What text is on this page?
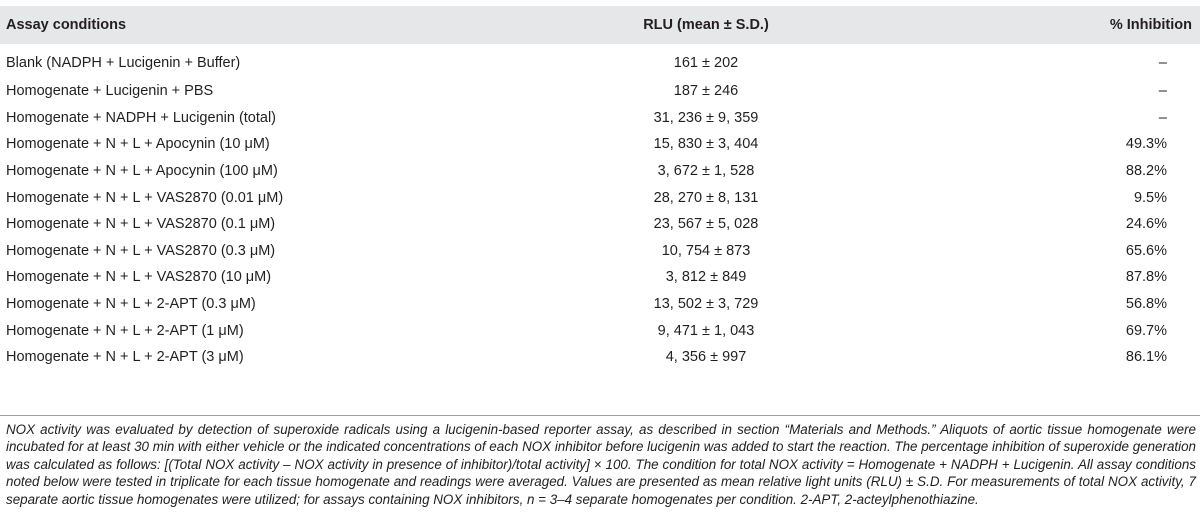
Assay conditions	RLU (mean ± S.D.)	% Inhibition
Blank (NADPH + Lucigenin + Buffer)	161 ± 202	–
Homogenate + Lucigenin + PBS	187 ± 246	–
Homogenate + NADPH + Lucigenin (total)	31, 236 ± 9, 359	–
Homogenate + N + L + Apocynin (10 μM)	15, 830 ± 3, 404	49.3%
Homogenate + N + L + Apocynin (100 μM)	3, 672 ± 1, 528	88.2%
Homogenate + N + L + VAS2870 (0.01 μM)	28, 270 ± 8, 131	9.5%
Homogenate + N + L + VAS2870 (0.1 μM)	23, 567 ± 5, 028	24.6%
Homogenate + N + L + VAS2870 (0.3 μM)	10, 754 ± 873	65.6%
Homogenate + N + L + VAS2870 (10 μM)	3, 812 ± 849	87.8%
Homogenate + N + L + 2-APT (0.3 μM)	13, 502 ± 3, 729	56.8%
Homogenate + N + L + 2-APT (1 μM)	9, 471 ± 1, 043	69.7%
Homogenate + N + L + 2-APT (3 μM)	4, 356 ± 997	86.1%

NOX activity was evaluated by detection of superoxide radicals using a lucigenin-based reporter assay, as described in section “Materials and Methods.” Aliquots of aortic tissue homogenate were incubated for at least 30 min with either vehicle or the indicated concentrations of each NOX inhibitor before lucigenin was added to start the reaction. The percentage inhibition of superoxide generation was calculated as follows: [(Total NOX activity – NOX activity in presence of inhibitor)/total activity] × 100. The condition for total NOX activity = Homogenate + NADPH + Lucigenin. All assay conditions noted below were tested in triplicate for each tissue homogenate and readings were averaged. Values are presented as mean relative light units (RLU) ± S.D. For measurements of total NOX activity, 7 separate aortic tissue homogenates were utilized; for assays containing NOX inhibitors, n = 3–4 separate homogenates per condition. 2-APT, 2-acteylphenothiazine.
